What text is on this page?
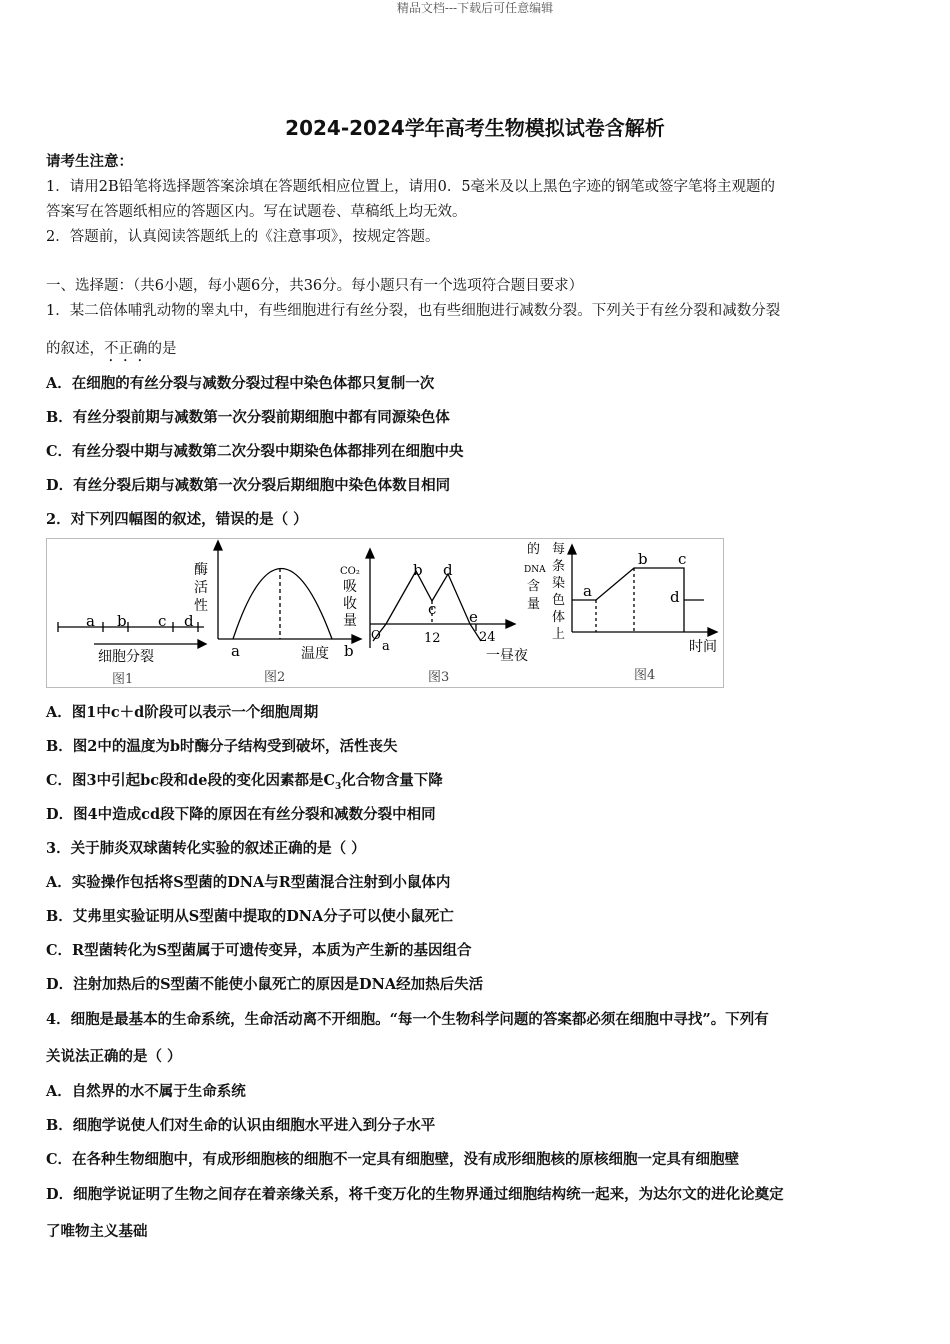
精品文档---下载后可任意编辑
2024-2024学年高考生物模拟试卷含解析
请考生注意：
1．请用2B铅笔将选择题答案涂填在答题纸相应位置上，请用0．5毫米及以上黑色字迹的钢笔或签字笔将主观题的
答案写在答题纸相应的答题区内。写在试题卷、草稿纸上均无效。
2．答题前，认真阅读答题纸上的《注意事项》，按规定答题。
一、选择题：（共6小题，每小题6分，共36分。每小题只有一个选项符合题目要求）
1．某二倍体哺乳动物的睾丸中，有些细胞进行有丝分裂，也有些细胞进行减数分裂。下列关于有丝分裂和减数分裂
的叙述，不正确的是
A．在细胞的有丝分裂与减数分裂过程中染色体都只复制一次
B．有丝分裂前期与减数第一次分裂前期细胞中都有同源染色体
C．有丝分裂中期与减数第二次分裂中期染色体都排列在细胞中央
D．有丝分裂后期与减数第一次分裂后期细胞中染色体数目相同
2．对下列四幅图的叙述，错误的是（ ）
a b c d
细胞分裂
图1
酶
活
性
a	温度 b
图2
CO₂
吸
收
量
O
a
b
c
d
e
12	24
一昼夜
图3
的
DNA
含
量
每
条
染
色
体
上
a
b c
d
时间
图4
A．图1中c＋d阶段可以表示一个细胞周期
B．图2中的温度为b时酶分子结构受到破坏，活性丧失
C．图3中引起bc段和de段的变化因素都是$C_3$化合物含量下降
D．图4中造成cd段下降的原因在有丝分裂和减数分裂中相同
3．关于肺炎双球菌转化实验的叙述正确的是（ ）
A．实验操作包括将S型菌的DNA与R型菌混合注射到小鼠体内
B．艾弗里实验证明从S型菌中提取的DNA分子可以使小鼠死亡
C．R型菌转化为S型菌属于可遗传变异，本质为产生新的基因组合
D．注射加热后的S型菌不能使小鼠死亡的原因是DNA经加热后失活
4．细胞是最基本的生命系统，生命活动离不开细胞。“每一个生物科学问题的答案都必须在细胞中寻找”。下列有
关说法正确的是（ ）
A．自然界的水不属于生命系统
B．细胞学说使人们对生命的认识由细胞水平进入到分子水平
C．在各种生物细胞中，有成形细胞核的细胞不一定具有细胞壁，没有成形细胞核的原核细胞一定具有细胞壁
D．细胞学说证明了生物之间存在着亲缘关系，将千变万化的生物界通过细胞结构统一起来，为达尔文的进化论奠定
了唯物主义基础
